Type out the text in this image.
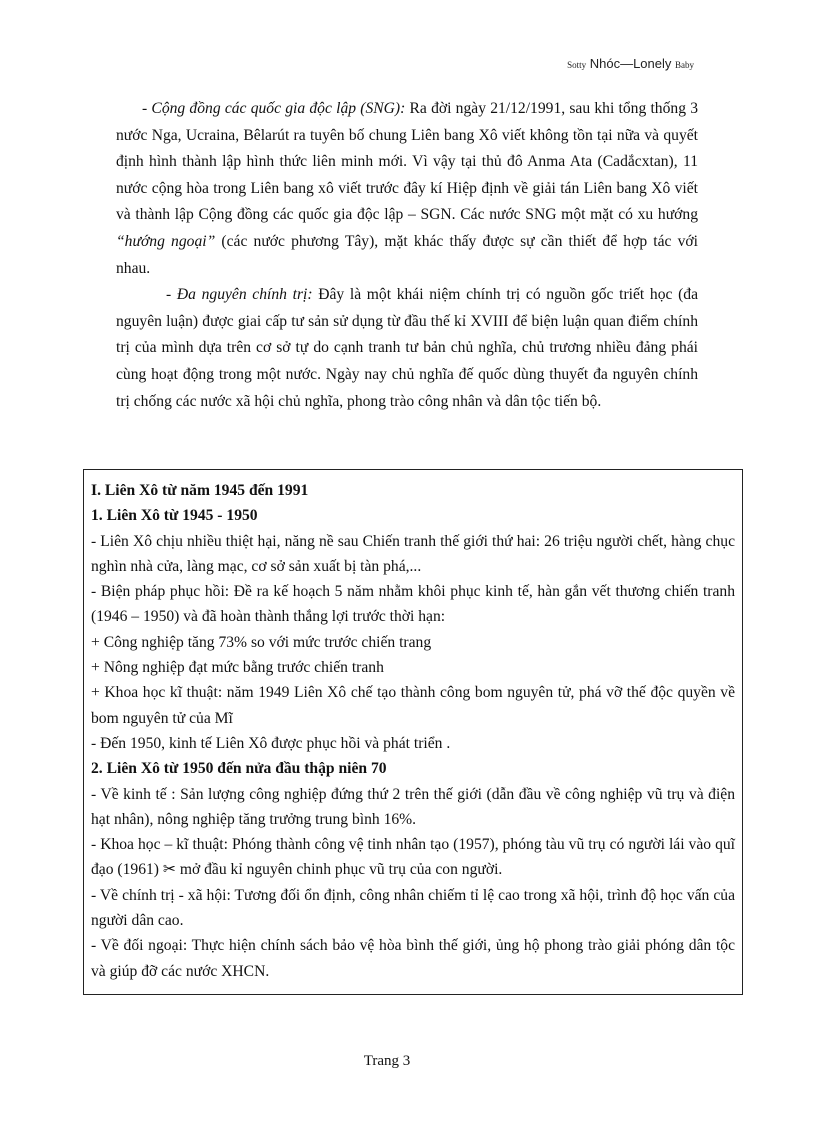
Sotty Nhóc—Lonely Baby

- Cộng đồng các quốc gia độc lập (SNG): Ra đời ngày 21/12/1991, sau khi tổng thống 3 nước Nga, Ucraina, Bêlarút ra tuyên bố chung Liên bang Xô viết không tồn tại nữa và quyết định hình thành lập hình thức liên minh mới. Vì vậy tại thủ đô Anma Ata (Cadắcxtan), 11 nước cộng hòa trong Liên bang xô viết trước đây kí Hiệp định về giải tán Liên bang Xô viết và thành lập Cộng đồng các quốc gia độc lập – SGN. Các nước SNG một mặt có xu hướng “hướng ngoại” (các nước phương Tây), mặt khác thấy được sự cần thiết để hợp tác với nhau.

- Đa nguyên chính trị: Đây là một khái niệm chính trị có nguồn gốc triết học (đa nguyên luận) được giai cấp tư sản sử dụng từ đầu thế kỉ XVIII để biện luận quan điểm chính trị của mình dựa trên cơ sở tự do cạnh tranh tư bản chủ nghĩa, chủ trương nhiều đảng phái cùng hoạt động trong một nước. Ngày nay chủ nghĩa đế quốc dùng thuyết đa nguyên chính trị chống các nước xã hội chủ nghĩa, phong trào công nhân và dân tộc tiến bộ.

I. Liên Xô từ năm 1945 đến 1991

1. Liên Xô từ 1945 - 1950

- Liên Xô chịu nhiều thiệt hại, năng nề sau Chiến tranh thế giới thứ hai: 26 triệu người chết, hàng chục nghìn nhà cửa, làng mạc, cơ sở sản xuất bị tàn phá,...

- Biện pháp phục hồi: Đề ra kế hoạch 5 năm nhằm khôi phục kinh tế, hàn gắn vết thương chiến tranh (1946 – 1950) và đã hoàn thành thắng lợi trước thời hạn:

+ Công nghiệp tăng 73% so với mức trước chiến trang

+ Nông nghiệp đạt mức bằng trước chiến tranh

+ Khoa học kĩ thuật: năm 1949 Liên Xô chế tạo thành công bom nguyên tử, phá vỡ thế độc quyền về bom nguyên tử của Mĩ

- Đến 1950, kinh tế Liên Xô được phục hồi và phát triển .

2. Liên Xô từ 1950 đến nửa đầu thập niên 70

- Về kinh tế : Sản lượng công nghiệp đứng thứ 2 trên thế giới (dẫn đầu về công nghiệp vũ trụ và điện hạt nhân), nông nghiệp tăng trưởng trung bình 16%.

- Khoa học – kĩ thuật: Phóng thành công vệ tinh nhân tạo (1957), phóng tàu vũ trụ có người lái vào quĩ đạo (1961) ✂ mở đầu kỉ nguyên chinh phục vũ trụ của con người.

- Về chính trị - xã hội: Tương đối ổn định, công nhân chiếm tỉ lệ cao trong xã hội, trình độ học vấn của người dân cao.

- Về đối ngoại: Thực hiện chính sách bảo vệ hòa bình thế giới, ủng hộ phong trào giải phóng dân tộc và giúp đỡ các nước XHCN.

Trang 3
